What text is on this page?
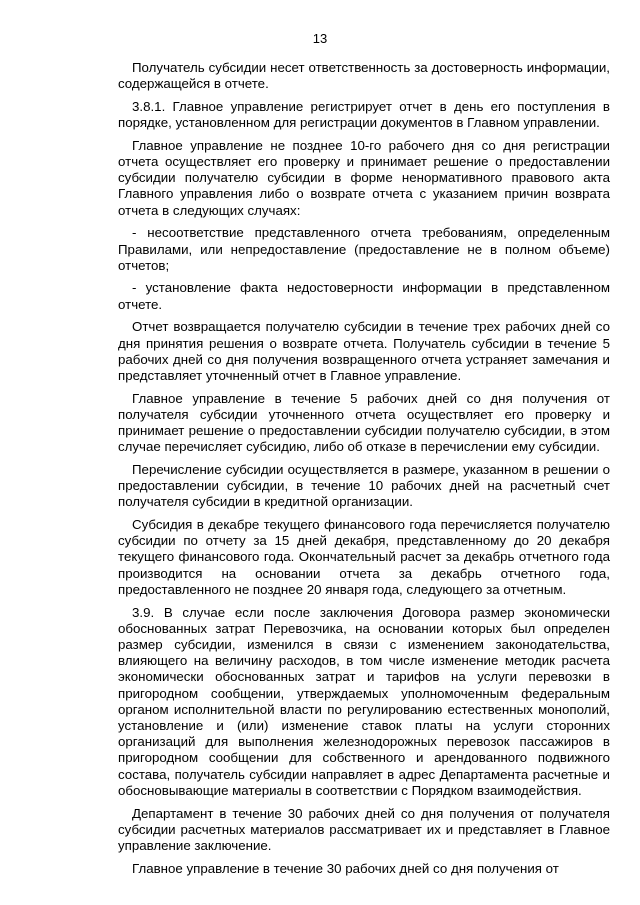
13

Получатель субсидии несет ответственность за достоверность информации, содержащейся в отчете.

3.8.1. Главное управление регистрирует отчет в день его поступления в порядке, установленном для регистрации документов в Главном управлении.

Главное управление не позднее 10-го рабочего дня со дня регистрации отчета осуществляет его проверку и принимает решение о предоставлении субсидии получателю субсидии в форме ненормативного правового акта Главного управления либо о возврате отчета с указанием причин возврата отчета в следующих случаях:

- несоответствие представленного отчета требованиям, определенным Правилами, или непредоставление (предоставление не в полном объеме) отчетов;

- установление факта недостоверности информации в представленном отчете.

Отчет возвращается получателю субсидии в течение трех рабочих дней со дня принятия решения о возврате отчета. Получатель субсидии в течение 5 рабочих дней со дня получения возвращенного отчета устраняет замечания и представляет уточненный отчет в Главное управление.

Главное управление в течение 5 рабочих дней со дня получения от получателя субсидии уточненного отчета осуществляет его проверку и принимает решение о предоставлении субсидии получателю субсидии, в этом случае перечисляет субсидию, либо об отказе в перечислении ему субсидии.

Перечисление субсидии осуществляется в размере, указанном в решении о предоставлении субсидии, в течение 10 рабочих дней на расчетный счет получателя субсидии в кредитной организации.

Субсидия в декабре текущего финансового года перечисляется получателю субсидии по отчету за 15 дней декабря, представленному до 20 декабря текущего финансового года. Окончательный расчет за декабрь отчетного года производится на основании отчета за декабрь отчетного года, предоставленного не позднее 20 января года, следующего за отчетным.

3.9. В случае если после заключения Договора размер экономически обоснованных затрат Перевозчика, на основании которых был определен размер субсидии, изменился в связи с изменением законодательства, влияющего на величину расходов, в том числе изменение методик расчета экономически обоснованных затрат и тарифов на услуги перевозки в пригородном сообщении, утверждаемых уполномоченным федеральным органом исполнительной власти по регулированию естественных монополий, установление и (или) изменение ставок платы на услуги сторонних организаций для выполнения железнодорожных перевозок пассажиров в пригородном сообщении для собственного и арендованного подвижного состава, получатель субсидии направляет в адрес Департамента расчетные и обосновывающие материалы в соответствии с Порядком взаимодействия.

Департамент в течение 30 рабочих дней со дня получения от получателя субсидии расчетных материалов рассматривает их и представляет в Главное управление заключение.

Главное управление в течение 30 рабочих дней со дня получения от
